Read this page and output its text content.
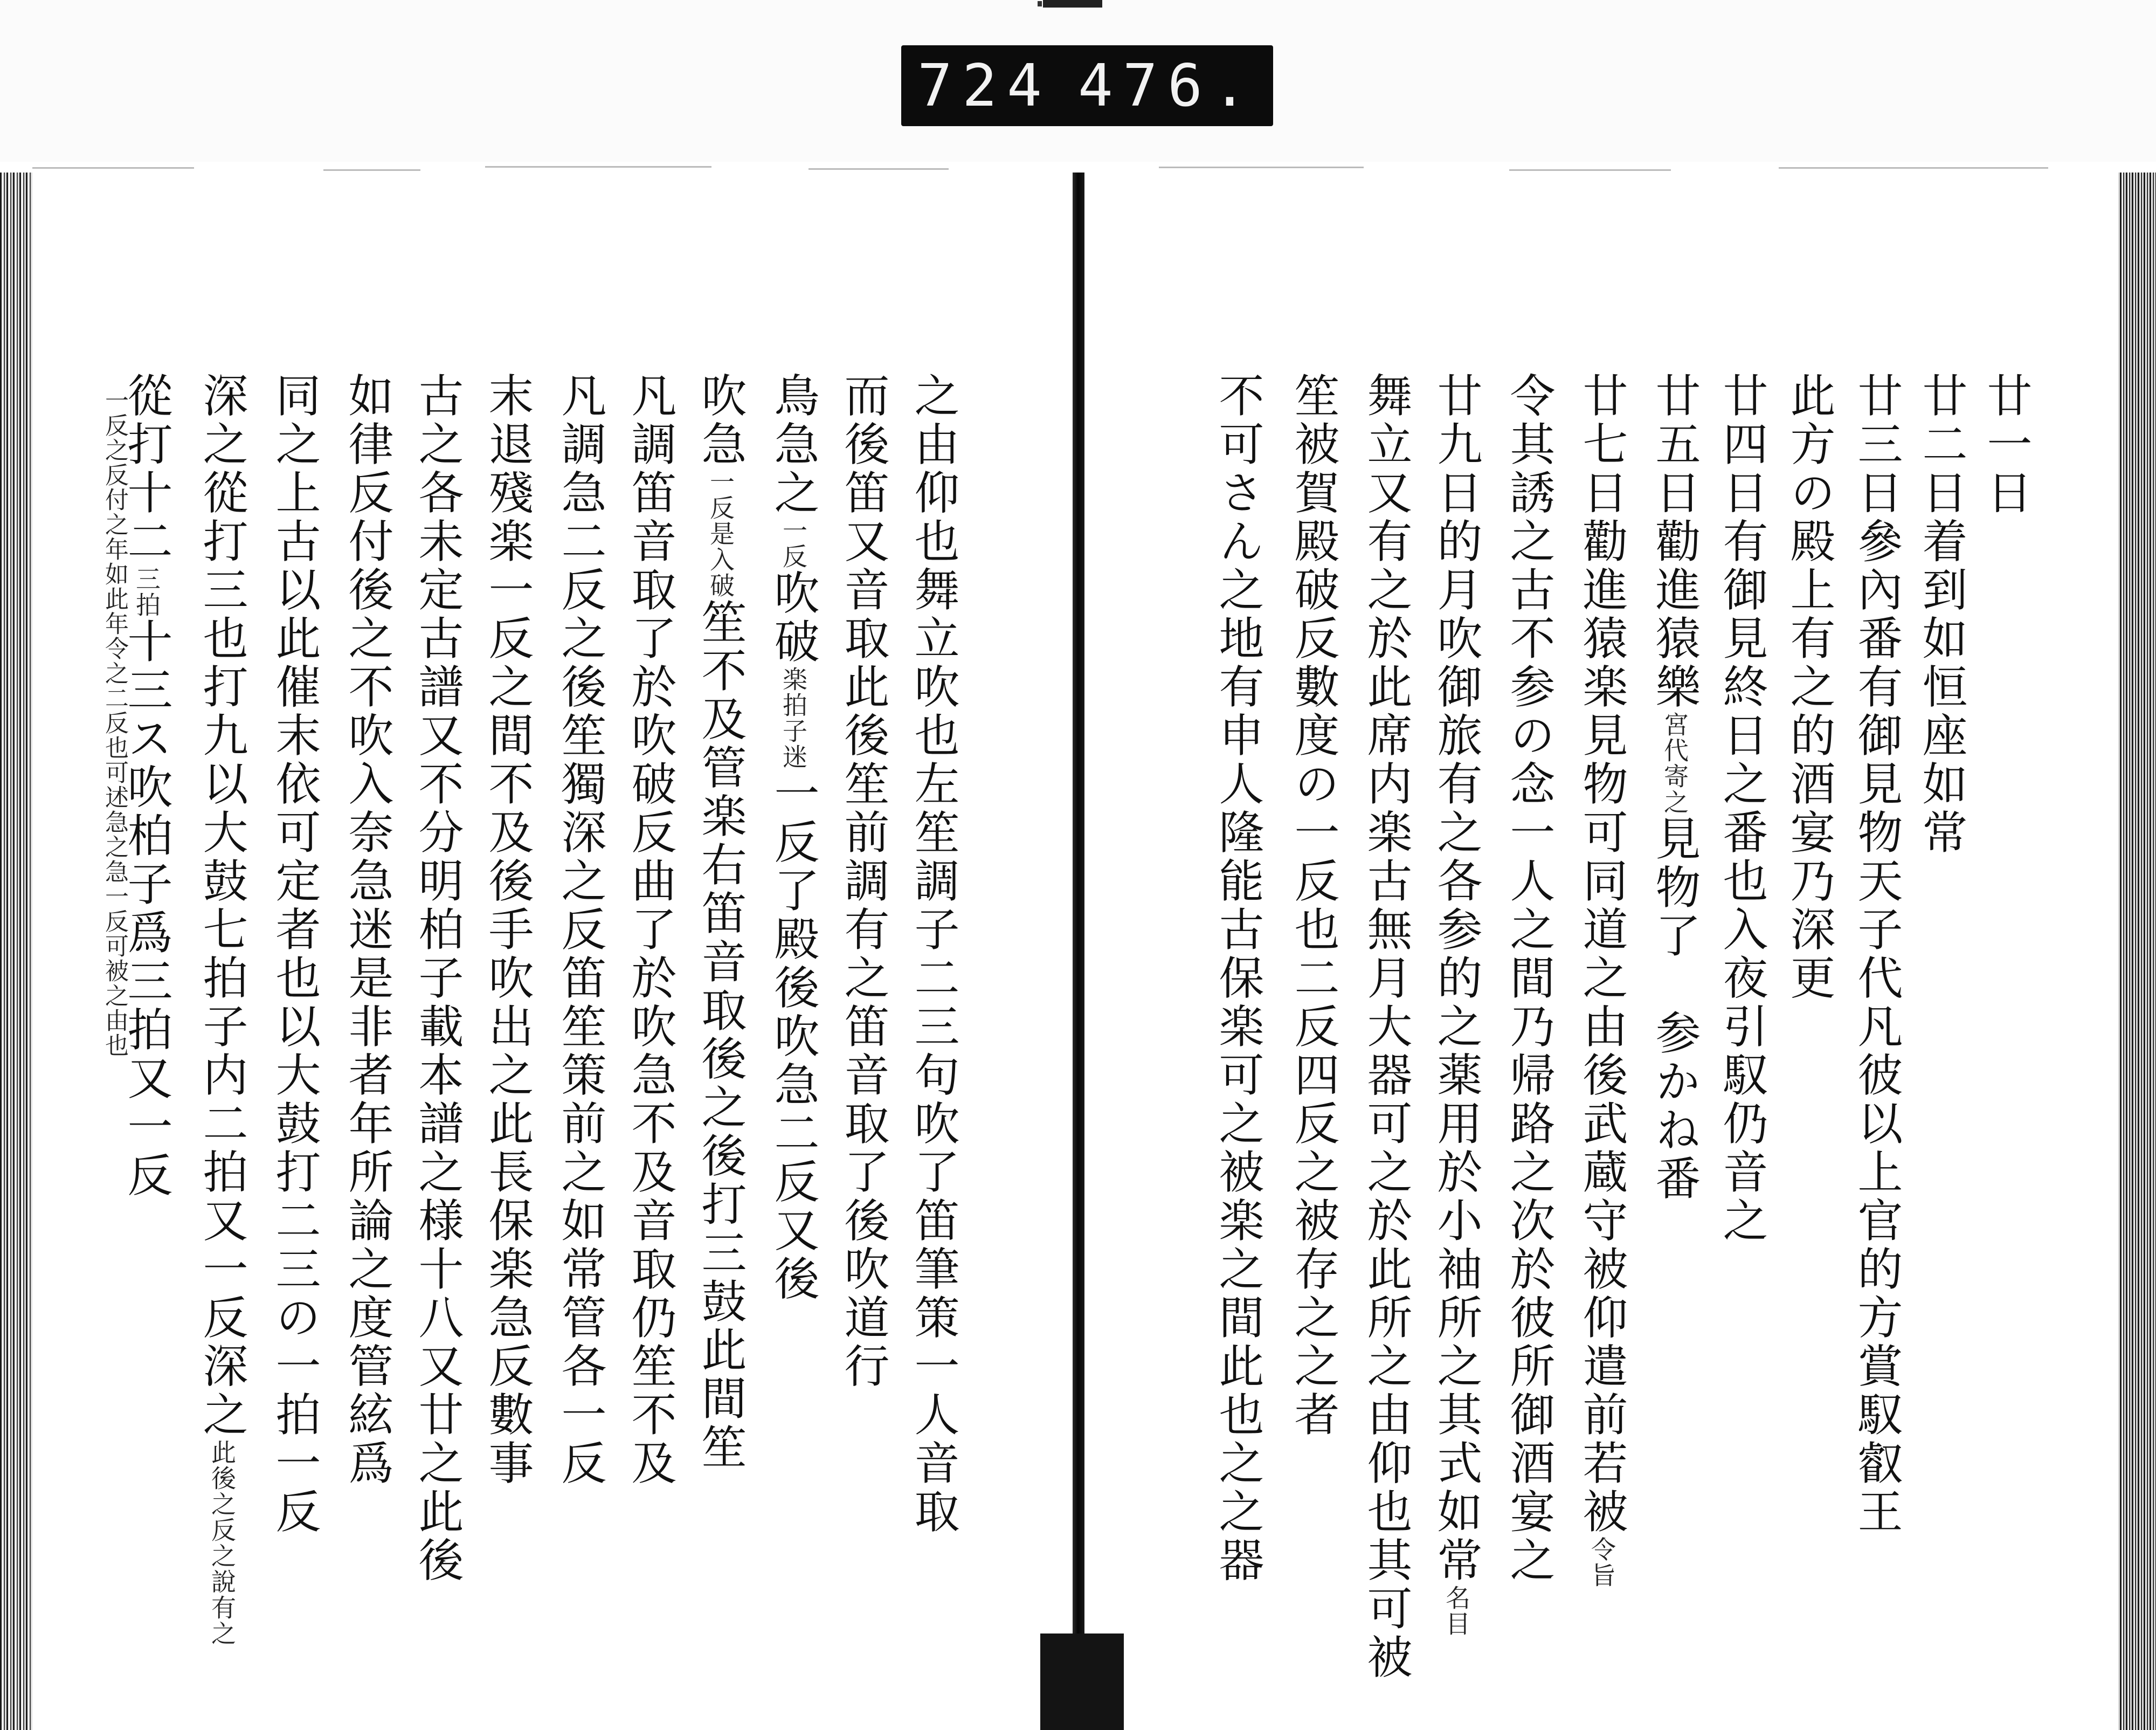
724 476.
廿一日
廿二日着到如恒座如常
廿三日參內番有御見物天子代凡彼以上官的方賞馭叡王
此方の殿上有之的酒宴乃深更
廿四日有御見終日之番也入夜引馭仍音之
廿五日勸進猿樂宮代寄之見物了　参かね番
廿七日勸進猿楽見物可同道之由後武蔵守被仰遣前若被令旨
令其誘之古不参の念一人之間乃帰路之次於彼所御酒宴之
廿九日的月吹御旅有之各参的之薬用於小袖所之其式如常名目
舞立又有之於此席内楽古無月大器可之於此所之由仰也其可被
笙被賀殿破反數度の一反也二反四反之被存之之者
不可さん之地有申人隆能古保楽可之被楽之間此也之之器
之由仰也舞立吹也左笙調子二三句吹了笛筆策一人音取
而後笛又音取此後笙前調有之笛音取了後吹道行
鳥急之一反吹破楽拍子迷一反了殿後吹急二反又後
吹急一反是入破笙不及管楽右笛音取後之後打三鼓此間笙
凡調笛音取了於吹破反曲了於吹急不及音取仍笙不及
凡調急二反之後笙獨深之反笛笙策前之如常管各一反
末退殘楽一反之間不及後手吹出之此長保楽急反數事
古之各未定古譜又不分明柏子載本譜之様十八又廿之此後
如律反付後之不吹入奈急迷是非者年所論之度管絃爲
同之上古以此催末依可定者也以大鼓打二三の一拍一反
深之從打三也打九以大鼓七拍子内二拍又一反深之此後之反之說有之
一反之反付之年如此年令之二反也可述急之急一反可被之由也
從打十二三拍十三ス吹柏子爲三拍又一反
